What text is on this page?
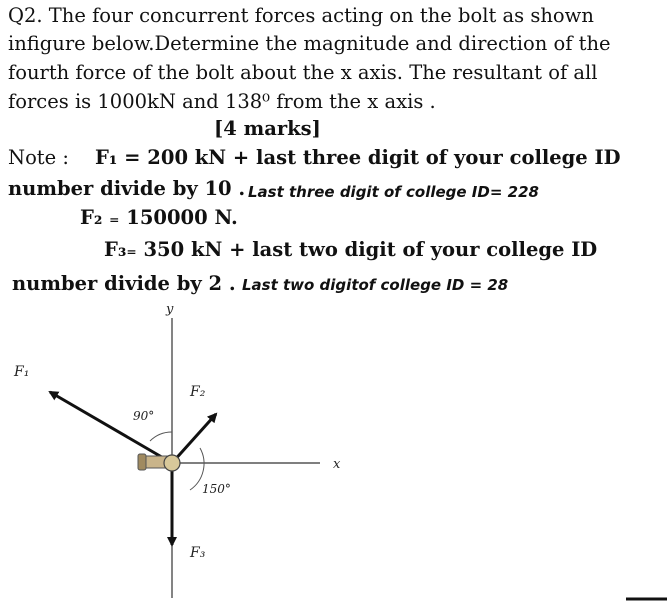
Q2. The four concurrent forces acting on the bolt as shown
infigure below.Determine the magnitude and direction of the
fourth force of the bolt about the x axis. The resultant of all
forces is 1000kN and 138⁰ from the x axis .
[4 marks]
Note : F₁ = 200 kN + last three digit of your college ID
number divide by 10 . Last three digit of college ID= 228
F₂ ₌ 150000 N.
F₃₌ 350 kN + last two digit of your college ID
number divide by 2 . Last two digitof college ID = 28
y
x
90°
150°
F₁
F₂
F₃
